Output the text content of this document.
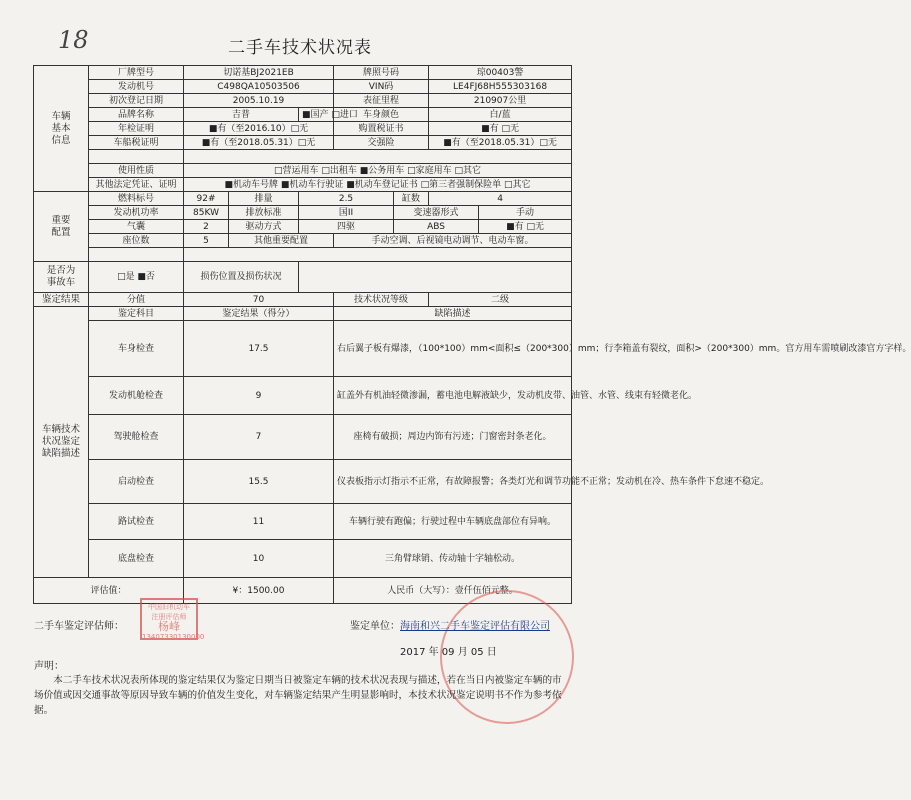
18	二手车技术状况表
车辆
基本
信息	厂牌型号	切诺基BJ2021EB			牌照号码		琼00403警	
	发动机号	C498QA10503506			VIN码		LE4FJ68H555303168	
	初次登记日期	2005.10.19			表征里程		210907公里	
	品牌名称	吉普		■国产 □进口	车身颜色		白/蓝	
	年检证明	■有（至2016.10）□无			购置税证书		■有 □无	
	车船税证明	■有（至2018.05.31）□无			交强险		■有（至2018.05.31）□无	

	使用性质	□营运用车 □出租车 ■公务用车 □家庭用车 □其它						
	其他法定凭证、证明	■机动车号牌 ■机动车行驶证 ■机动车登记证书 □第三者强制保险单 □其它						

重要
配置	燃料标号	92#	排量	2.5		缸数	4	
	发动机功率	85KW	排放标准	国II		变速器形式		手动
	气囊	2	驱动方式	四驱		ABS		■有 □无
	座位数	5	其他重要配置		手动空调、后视镜电动调节、电动车窗。			

是否为
事故车	□是 ■否	损伤位置及损伤状况						

鉴定结果	分值	70			技术状况等级		二级	
车辆技术
状况鉴定
缺陷描述	鉴定科目	鉴定结果（得分）			缺陷描述			
	车身检查	17.5			右后翼子板有爆漆，（100*100）mm<面积≤（200*300）mm；行李箱盖有裂纹，面积>（200*300）mm。官方用车需喷刷改漆官方字样。			
	发动机舱检查	9			缸盖外有机油轻微渗漏，蓄电池电解液缺少，发动机皮带、油管、水管、线束有轻微老化。			
	驾驶舱检查	7			座椅有破损；周边内饰有污迹；门窗密封条老化。			
	启动检查	15.5			仪表板指示灯指示不正常，有故障报警；各类灯光和调节功能不正常；发动机在冷、热车条件下怠速不稳定。			
	路试检查	11			车辆行驶有跑偏；行驶过程中车辆底盘部位有异响。			
	底盘检查	10			三角臂球销、传动轴十字轴松动。			
评估值：		¥：1500.00			人民币（大写）：壹仟伍佰元整。			
二手车鉴定评估师：
中国旧机动车
注册评估师
杨峰
13407330130000
鉴定单位：海南和兴二手车鉴定评估有限公司
2017 年 09 月 05 日
声明：
本二手车技术状况表所体现的鉴定结果仅为鉴定日期当日被鉴定车辆的技术状况表现与描述，若在当日内被鉴定车辆的市场价值或因交通事故等原因导致车辆的价值发生变化，对车辆鉴定结果产生明显影响时，本技术状况鉴定说明书不作为参考依据。
